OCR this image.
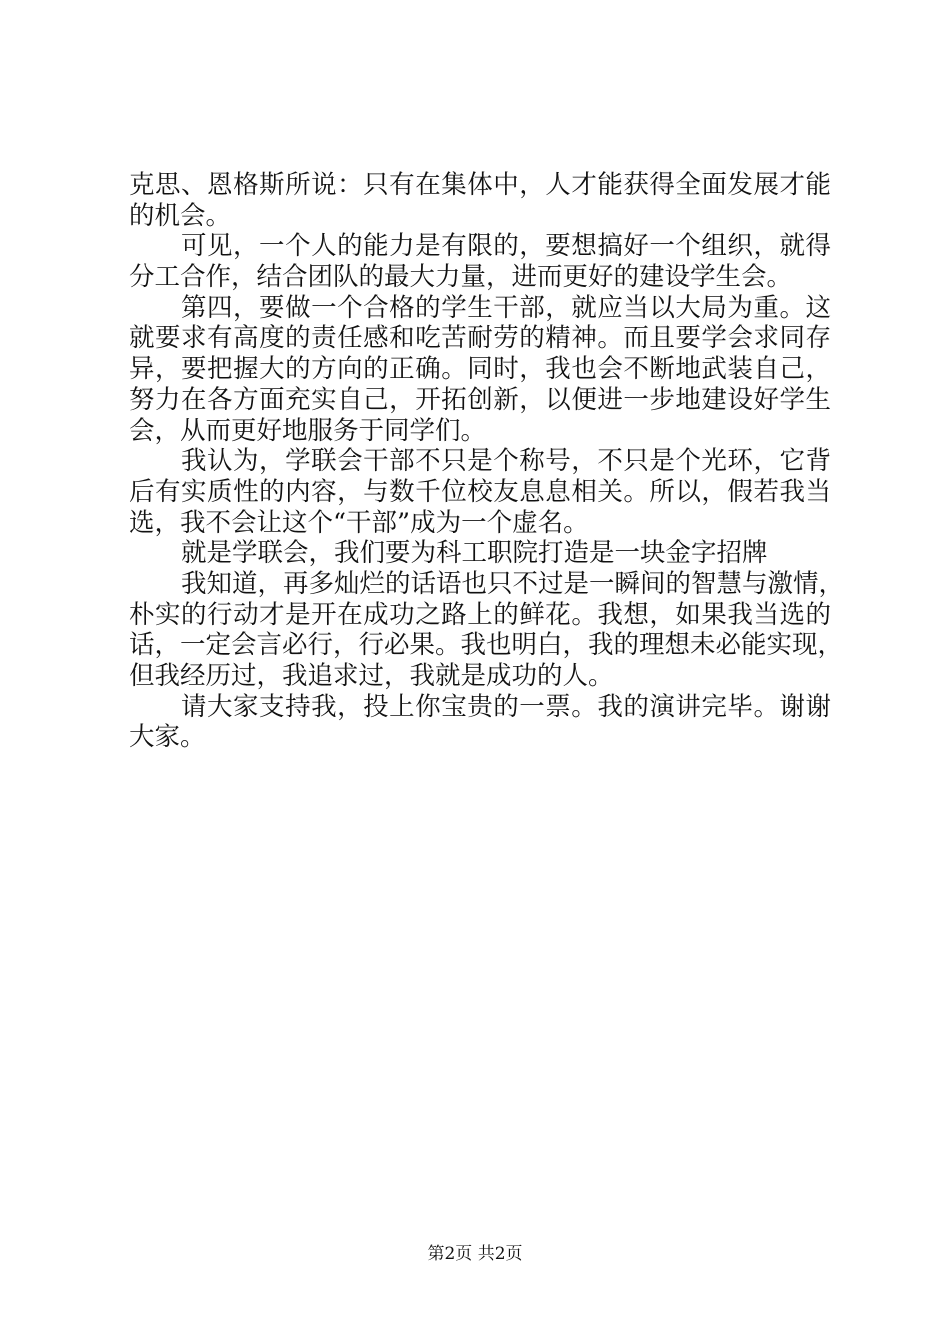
克思、恩格斯所说：只有在集体中，人才能获得全面发展才能
的机会。
可见，一个人的能力是有限的，要想搞好一个组织，就得
分工合作，结合团队的最大力量，进而更好的建设学生会。
第四，要做一个合格的学生干部，就应当以大局为重。这
就要求有高度的责任感和吃苦耐劳的精神。而且要学会求同存
异，要把握大的方向的正确。同时，我也会不断地武装自己，
努力在各方面充实自己，开拓创新，以便进一步地建设好学生
会，从而更好地服务于同学们。
我认为，学联会干部不只是个称号，不只是个光环，它背
后有实质性的内容，与数千位校友息息相关。所以，假若我当
选，我不会让这个“干部”成为一个虚名。
就是学联会，我们要为科工职院打造是一块金字招牌
我知道，再多灿烂的话语也只不过是一瞬间的智慧与激情，
朴实的行动才是开在成功之路上的鲜花。我想，如果我当选的
话，一定会言必行，行必果。我也明白，我的理想未必能实现，
但我经历过，我追求过，我就是成功的人。
请大家支持我，投上你宝贵的一票。我的演讲完毕。谢谢
大家。
第2页 共2页
